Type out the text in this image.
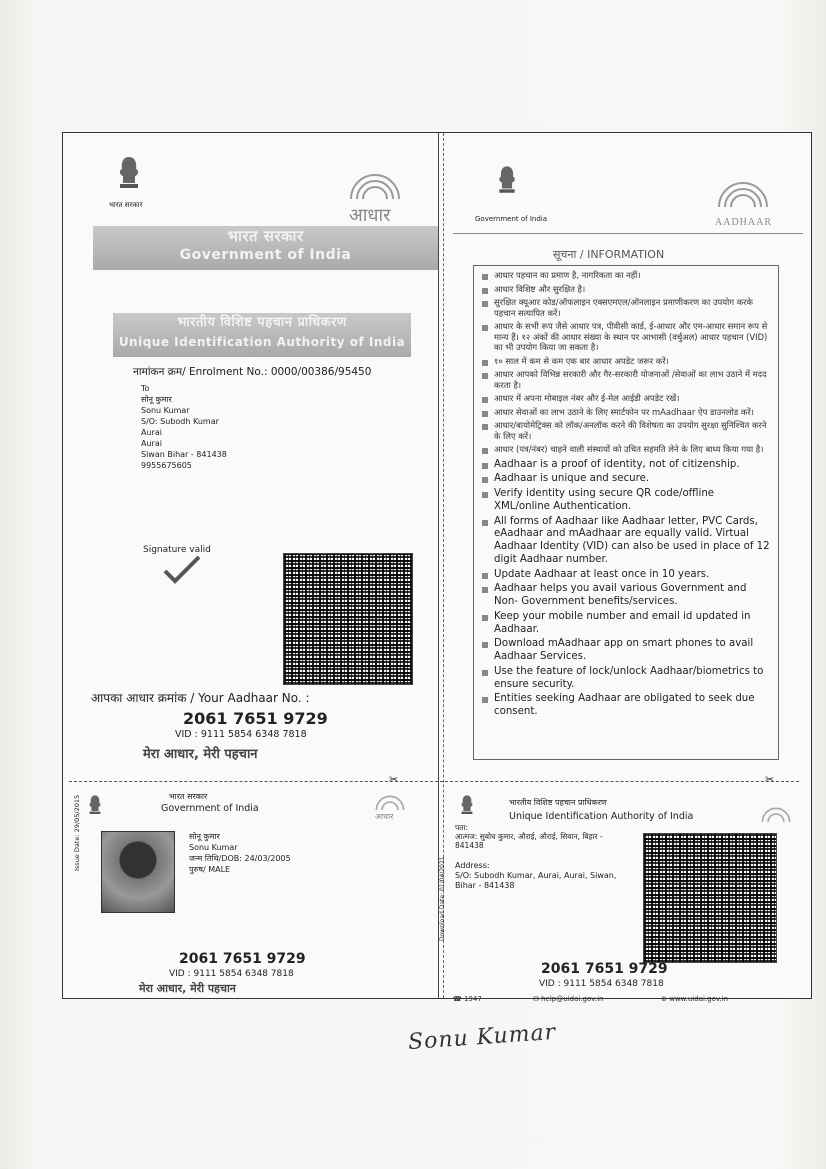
भारत सरकार	आधार
भारत सरकार
Government of India
भारतीय विशिष्ट पहचान प्राधिकरण
Unique Identification Authority of India
नामांकन क्रम/ Enrolment No.: 0000/00386/95450
To
सोनू कुमार
Sonu Kumar
S/O: Subodh Kumar
Aurai
Aurai
Siwan Bihar - 841438
9955675605
Signature valid
आपका आधार क्रमांक / Your Aadhaar No. :
2061 7651 9729
VID : 9111 5854 6348 7818
मेरा आधार, मेरी पहचान
Government of India	AADHAAR
सूचना / INFORMATION
आधार पहचान का प्रमाण है, नागरिकता का नहीं।
आधार विशिष्ट और सुरक्षित है।
सुरक्षित क्यूआर कोड/ऑफलाइन एक्सएमएल/ऑनलाइन प्रमाणीकरण का उपयोग करके पहचान सत्यापित करें।
आधार के सभी रूप जैसे आधार पत्र, पीवीसी कार्ड, ई-आधार और एम-आधार समान रूप से मान्य हैं। १२ अंकों की आधार संख्या के स्थान पर आभासी (वर्चुअल) आधार पहचान (VID) का भी उपयोग किया जा सकता है।
१० साल में कम से कम एक बार आधार अपडेट जरूर करें।
आधार आपको विभिन्न सरकारी और गैर-सरकारी योजनाओं /सेवाओं का लाभ उठाने में मदद करता है।
आधार में अपना मोबाइल नंबर और ई-मेल आईडी अपडेट रखें।
आधार सेवाओं का लाभ उठाने के लिए स्मार्टफोन पर mAadhaar ऐप डाउनलोड करें।
आधार/बायोमेट्रिक्स को लॉक/अनलॉक करने की विशेषता का उपयोग सुरक्षा सुनिश्चित करने के लिए करें।
आधार (पत्र/नंबर) चाहने वाली संस्थायों को उचित सहमति लेने के लिए बाध्य किया गया है।
Aadhaar is a proof of identity, not of citizenship.
Aadhaar is unique and secure.
Verify identity using secure QR code/offline XML/online Authentication.
All forms of Aadhaar like Aadhaar letter, PVC Cards, eAadhaar and mAadhaar are equally valid. Virtual Aadhaar Identity (VID) can also be used in place of 12 digit Aadhaar number.
Update Aadhaar at least once in 10 years.
Aadhaar helps you avail various Government and Non- Government benefits/services.
Keep your mobile number and email id updated in Aadhaar.
Download mAadhaar app on smart phones to avail Aadhaar Services.
Use the feature of lock/unlock Aadhaar/biometrics to ensure security.
Entities seeking Aadhaar are obligated to seek due consent.
✂	✂
भारत सरकार
Government of India
आधार
Issue Date: 29/05/2015	सोनू कुमार
Sonu Kumar
जन्म तिथि/DOB: 24/03/2005
पुरुष/ MALE
2061 7651 9729
VID : 9111 5854 6348 7818
मेरा आधार, मेरी पहचान
भारतीय विशिष्ट पहचान प्राधिकरण
Unique Identification Authority of India
Download Date: 01/04/2021
पता:
आत्मज: सुबोध कुमार, औराई, औराई, सिवान, बिहार - 841438
Address:
S/O: Subodh Kumar, Aurai, Aurai, Siwan, Bihar - 841438
2061 7651 9729
VID : 9111 5854 6348 7818
☎ 1947	✉ help@uidai.gov.in	⊕ www.uidai.gov.in
Sonu Kumar
